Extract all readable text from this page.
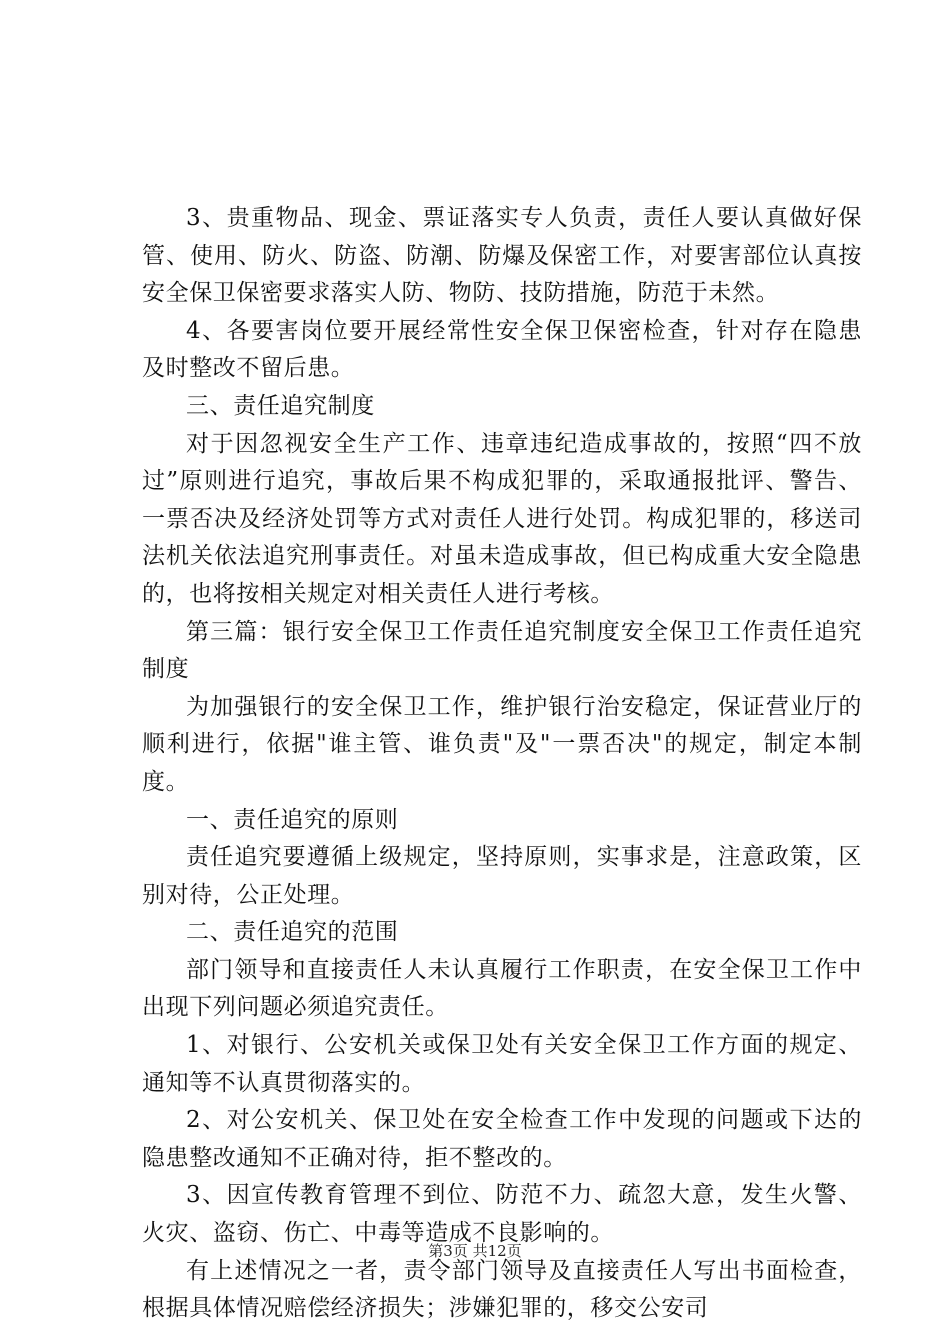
3、贵重物品、现金、票证落实专人负责，责任人要认真做好保管、使用、防火、防盗、防潮、防爆及保密工作，对要害部位认真按安全保卫保密要求落实人防、物防、技防措施，防范于未然。

4、各要害岗位要开展经常性安全保卫保密检查，针对存在隐患及时整改不留后患。

三、责任追究制度

对于因忽视安全生产工作、违章违纪造成事故的，按照“四不放过”原则进行追究，事故后果不构成犯罪的，采取通报批评、警告、一票否决及经济处罚等方式对责任人进行处罚。构成犯罪的，移送司法机关依法追究刑事责任。对虽未造成事故，但已构成重大安全隐患的，也将按相关规定对相关责任人进行考核。

第三篇：银行安全保卫工作责任追究制度安全保卫工作责任追究制度

为加强银行的安全保卫工作，维护银行治安稳定，保证营业厅的顺利进行，依据"谁主管、谁负责"及"一票否决"的规定，制定本制度。

一、责任追究的原则

责任追究要遵循上级规定，坚持原则，实事求是，注意政策，区别对待，公正处理。

二、责任追究的范围

部门领导和直接责任人未认真履行工作职责，在安全保卫工作中出现下列问题必须追究责任。

1、对银行、公安机关或保卫处有关安全保卫工作方面的规定、通知等不认真贯彻落实的。

2、对公安机关、保卫处在安全检查工作中发现的问题或下达的隐患整改通知不正确对待，拒不整改的。

3、因宣传教育管理不到位、防范不力、疏忽大意，发生火警、火灾、盗窃、伤亡、中毒等造成不良影响的。

有上述情况之一者，责令部门领导及直接责任人写出书面检查，根据具体情况赔偿经济损失；涉嫌犯罪的，移交公安司

第3页 共12页
